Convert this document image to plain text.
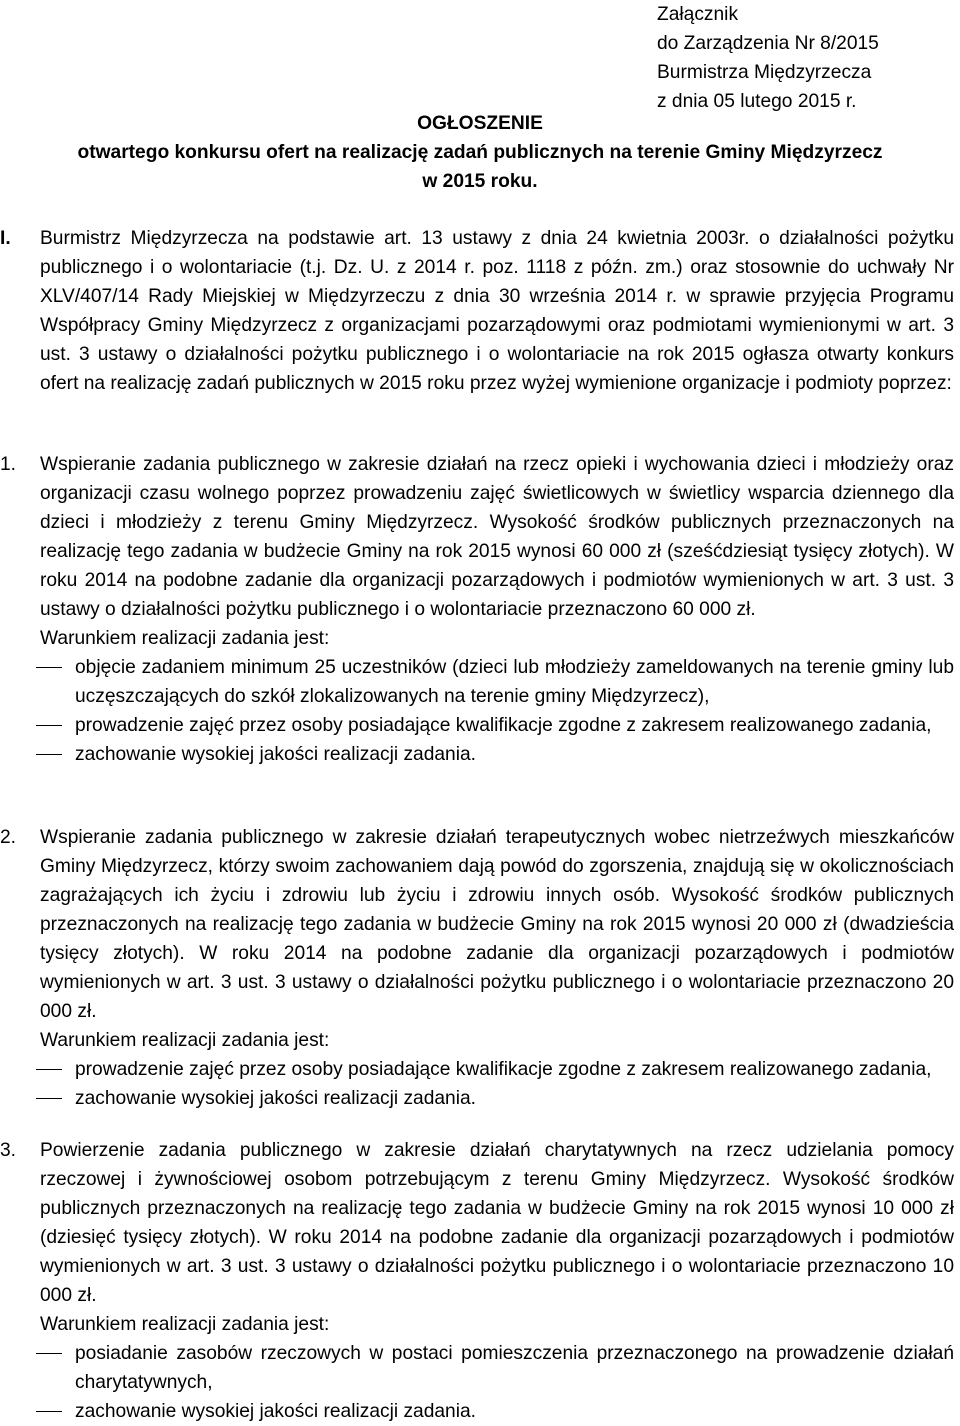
Załącznik
do Zarządzenia Nr 8/2015
Burmistrza Międzyrzecza
z dnia 05 lutego 2015 r.
OGŁOSZENIE
otwartego konkursu ofert na realizację zadań publicznych na terenie Gminy Międzyrzecz
w 2015 roku.
I. Burmistrz Międzyrzecza na podstawie art. 13 ustawy z dnia 24 kwietnia 2003r. o działalności pożytku publicznego i o wolontariacie (t.j. Dz. U. z 2014 r. poz. 1118 z późn. zm.) oraz stosownie do uchwały Nr XLV/407/14 Rady Miejskiej w Międzyrzeczu z dnia 30 września 2014 r. w sprawie przyjęcia Programu Współpracy Gminy Międzyrzecz z organizacjami pozarządowymi oraz podmiotami wymienionymi w art. 3 ust. 3 ustawy o działalności pożytku publicznego i o wolontariacie na rok 2015 ogłasza otwarty konkurs ofert na realizację zadań publicznych w 2015 roku przez wyżej wymienione organizacje i podmioty poprzez:

1. Wspieranie zadania publicznego w zakresie działań na rzecz opieki i wychowania dzieci i młodzieży oraz organizacji czasu wolnego poprzez prowadzeniu zajęć świetlicowych w świetlicy wsparcia dziennego dla dzieci i młodzieży z terenu Gminy Międzyrzecz. Wysokość środków publicznych przeznaczonych na realizację tego zadania w budżecie Gminy na rok 2015 wynosi 60 000 zł (sześćdziesiąt tysięcy złotych). W roku 2014 na podobne zadanie dla organizacji pozarządowych i podmiotów wymienionych w art. 3 ust. 3 ustawy o działalności pożytku publicznego i o wolontariacie przeznaczono 60 000 zł.

Warunkiem realizacji zadania jest:

objęcie zadaniem minimum 25 uczestników (dzieci lub młodzieży zameldowanych na terenie gminy lub uczęszczających do szkół zlokalizowanych na terenie gminy Międzyrzecz),
prowadzenie zajęć przez osoby posiadające kwalifikacje zgodne z zakresem realizowanego zadania,
zachowanie wysokiej jakości realizacji zadania.
2. Wspieranie zadania publicznego w zakresie działań terapeutycznych wobec nietrzeźwych mieszkańców Gminy Międzyrzecz, którzy swoim zachowaniem dają powód do zgorszenia, znajdują się w okolicznościach zagrażających ich życiu i zdrowiu lub życiu i zdrowiu innych osób. Wysokość środków publicznych przeznaczonych na realizację tego zadania w budżecie Gminy na rok 2015 wynosi 20 000 zł (dwadzieścia tysięcy złotych). W roku 2014 na podobne zadanie dla organizacji pozarządowych i podmiotów wymienionych w art. 3 ust. 3 ustawy o działalności pożytku publicznego i o wolontariacie przeznaczono 20 000 zł.

Warunkiem realizacji zadania jest:

prowadzenie zajęć przez osoby posiadające kwalifikacje zgodne z zakresem realizowanego zadania,
zachowanie wysokiej jakości realizacji zadania.
3. Powierzenie zadania publicznego w zakresie działań charytatywnych na rzecz udzielania pomocy rzeczowej i żywnościowej osobom potrzebującym z terenu Gminy Międzyrzecz. Wysokość środków publicznych przeznaczonych na realizację tego zadania w budżecie Gminy na rok 2015 wynosi 10 000 zł (dziesięć tysięcy złotych). W roku 2014 na podobne zadanie dla organizacji pozarządowych i podmiotów wymienionych w art. 3 ust. 3 ustawy o działalności pożytku publicznego i o wolontariacie przeznaczono 10 000 zł.

Warunkiem realizacji zadania jest:

posiadanie zasobów rzeczowych w postaci pomieszczenia przeznaczonego na prowadzenie działań charytatywnych,
zachowanie wysokiej jakości realizacji zadania.
